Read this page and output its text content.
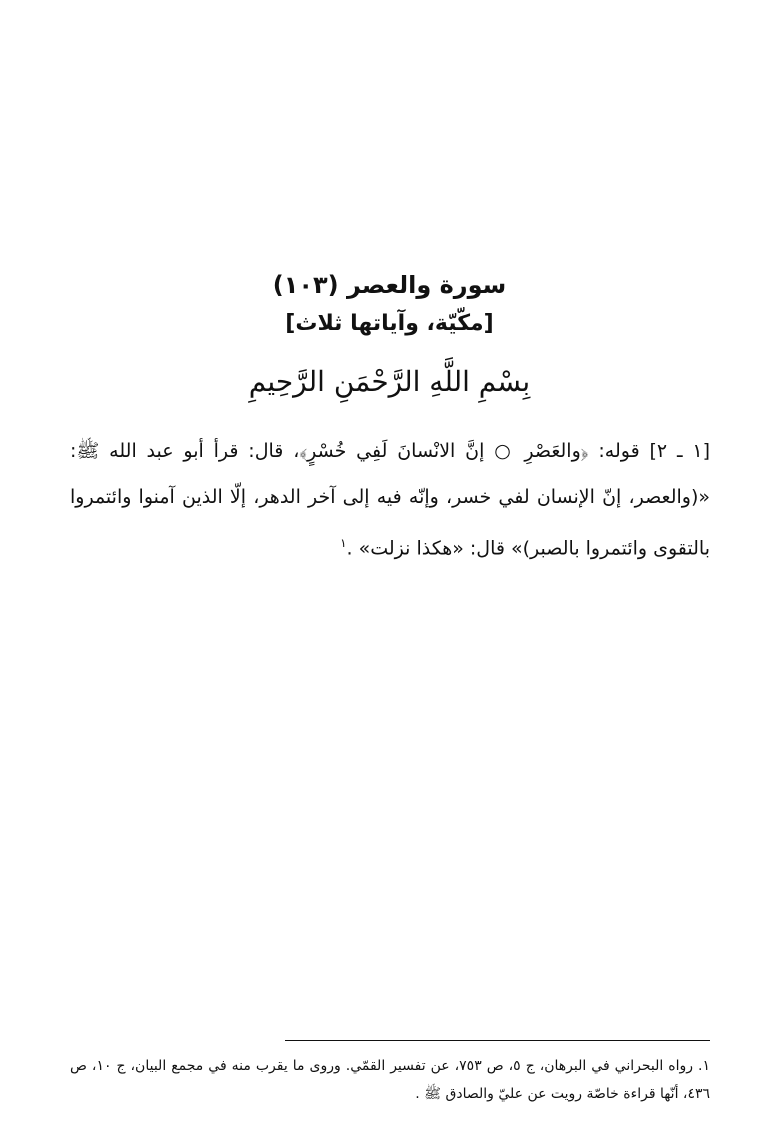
سورة والعصر (١٠٣)
[مكّيّة، وآياتها ثلاث]
بِسْمِ اللَّهِ الرَّحْمَنِ الرَّحِيمِ
[١ ـ ٢] قوله: ﴿والعَصْرِ ○ إنَّ الانْسانَ لَفِي خُسْرٍ﴾، قال: قرأ أبو عبد الله ﷺ: «(والعصر، إنّ الإنسان لفي خسر، وإنّه فيه إلى آخر الدهر، إلّا الذين آمنوا وائتمروا بالتقوى وائتمروا بالصبر)» قال: «هكذا نزلت» .$^١$
١. رواه البحراني في البرهان، ج ٥، ص ٧٥٣، عن تفسير القمّي. وروى ما يقرب منه في مجمع البيان، ج ١٠، ص ٤٣٦، أنّها قراءة خاصّة رويت عن عليّ والصادق ﷺ .
